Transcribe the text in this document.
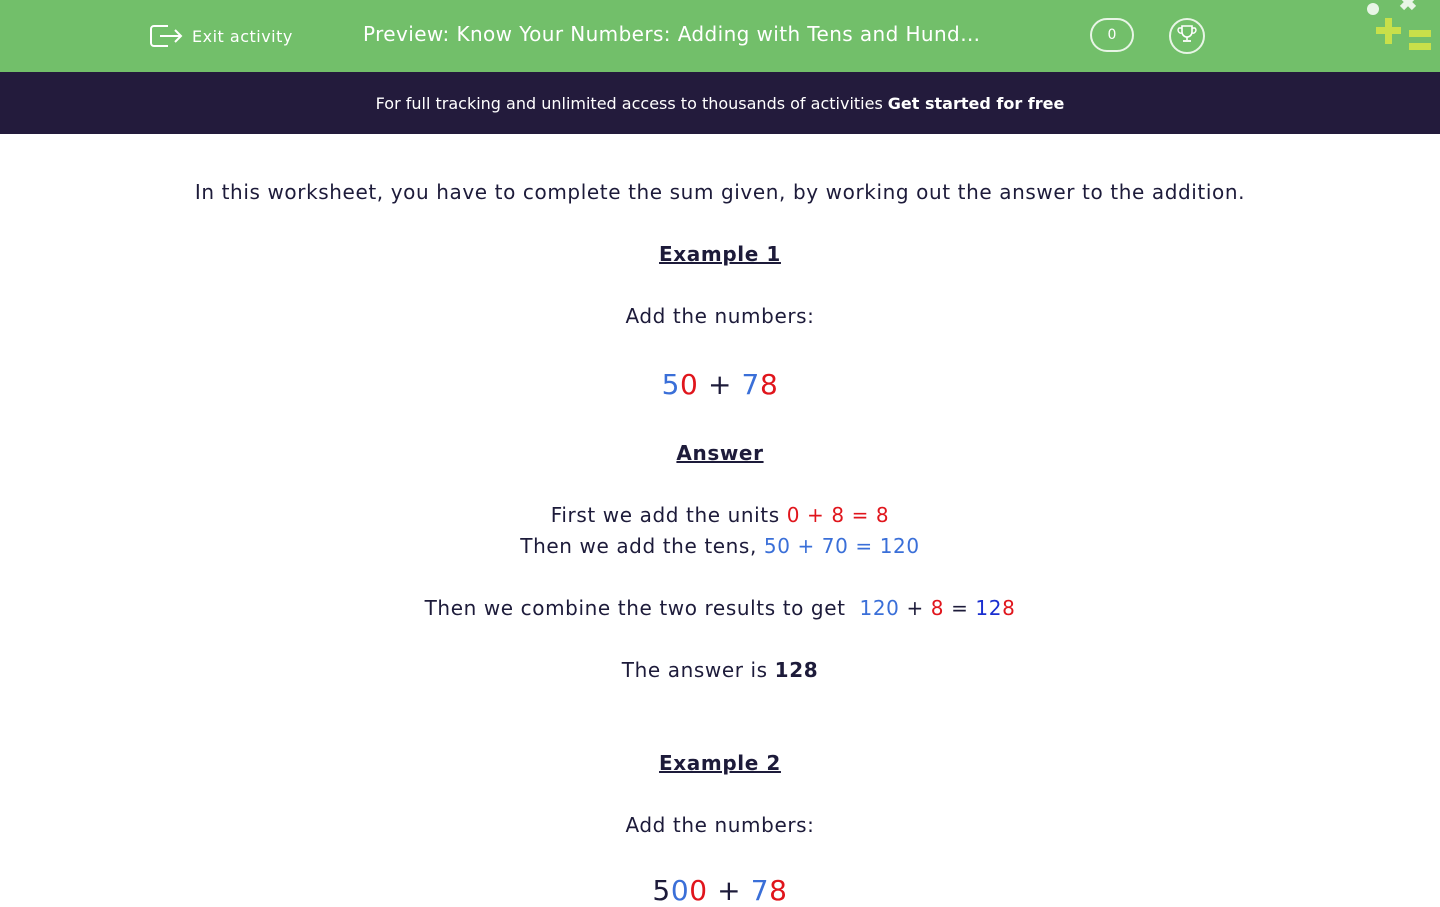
Exit activity	Preview: Know Your Numbers: Adding with Tens and Hund…	0
For full tracking and unlimited access to thousands of activities Get started for free

In this worksheet, you have to complete the sum given, by working out the answer to the addition.

Example 1

Add the numbers:

50 + 78

Answer

First we add the units 0 + 8 = 8

Then we add the tens, 50 + 70 = 120

Then we combine the two results to get 120 + 8 = 128

The answer is 128

Example 2

Add the numbers:

500 + 78
